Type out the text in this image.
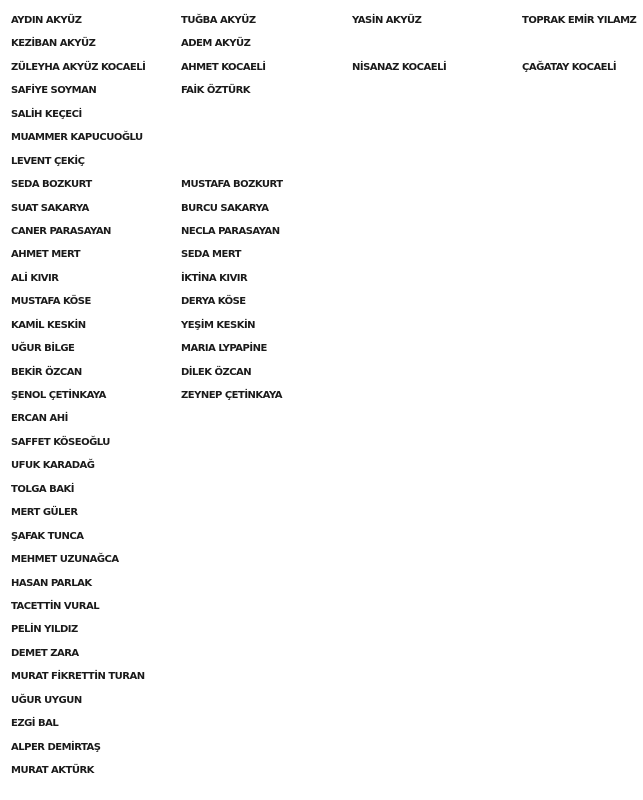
AYDIN AKYÜZ
KEZİBAN AKYÜZ
ZÜLEYHA AKYÜZ KOCAELİ
SAFİYE SOYMAN
SALİH KEÇECİ
MUAMMER KAPUCUOĞLU
LEVENT ÇEKİÇ
SEDA BOZKURT
SUAT SAKARYA
CANER PARASAYAN
AHMET MERT
ALİ KIVIR
MUSTAFA KÖSE
KAMİL KESKİN
UĞUR BİLGE
BEKİR ÖZCAN
ŞENOL ÇETİNKAYA
ERCAN AHİ
SAFFET KÖSEOĞLU
UFUK KARADAĞ
TOLGA BAKİ
MERT GÜLER
ŞAFAK TUNCA
MEHMET UZUNAĞCA
HASAN PARLAK
TACETTİN VURAL
PELİN YILDIZ
DEMET ZARA
MURAT FİKRETTİN TURAN
UĞUR UYGUN
EZGİ BAL
ALPER DEMİRTAŞ
MURAT AKTÜRK
TUĞBA AKYÜZ
ADEM AKYÜZ
AHMET KOCAELİ
FAİK ÖZTÜRK
MUSTAFA BOZKURT
BURCU SAKARYA
NECLA PARASAYAN
SEDA MERT
İKTİNA KIVIR
DERYA KÖSE
YEŞİM KESKİN
MARIA LYPAPİNE
DİLEK ÖZCAN
ZEYNEP ÇETİNKAYA
YASİN AKYÜZ
NİSANAZ KOCAELİ
TOPRAK EMİR YILAMZ
ÇAĞATAY KOCAELİ
